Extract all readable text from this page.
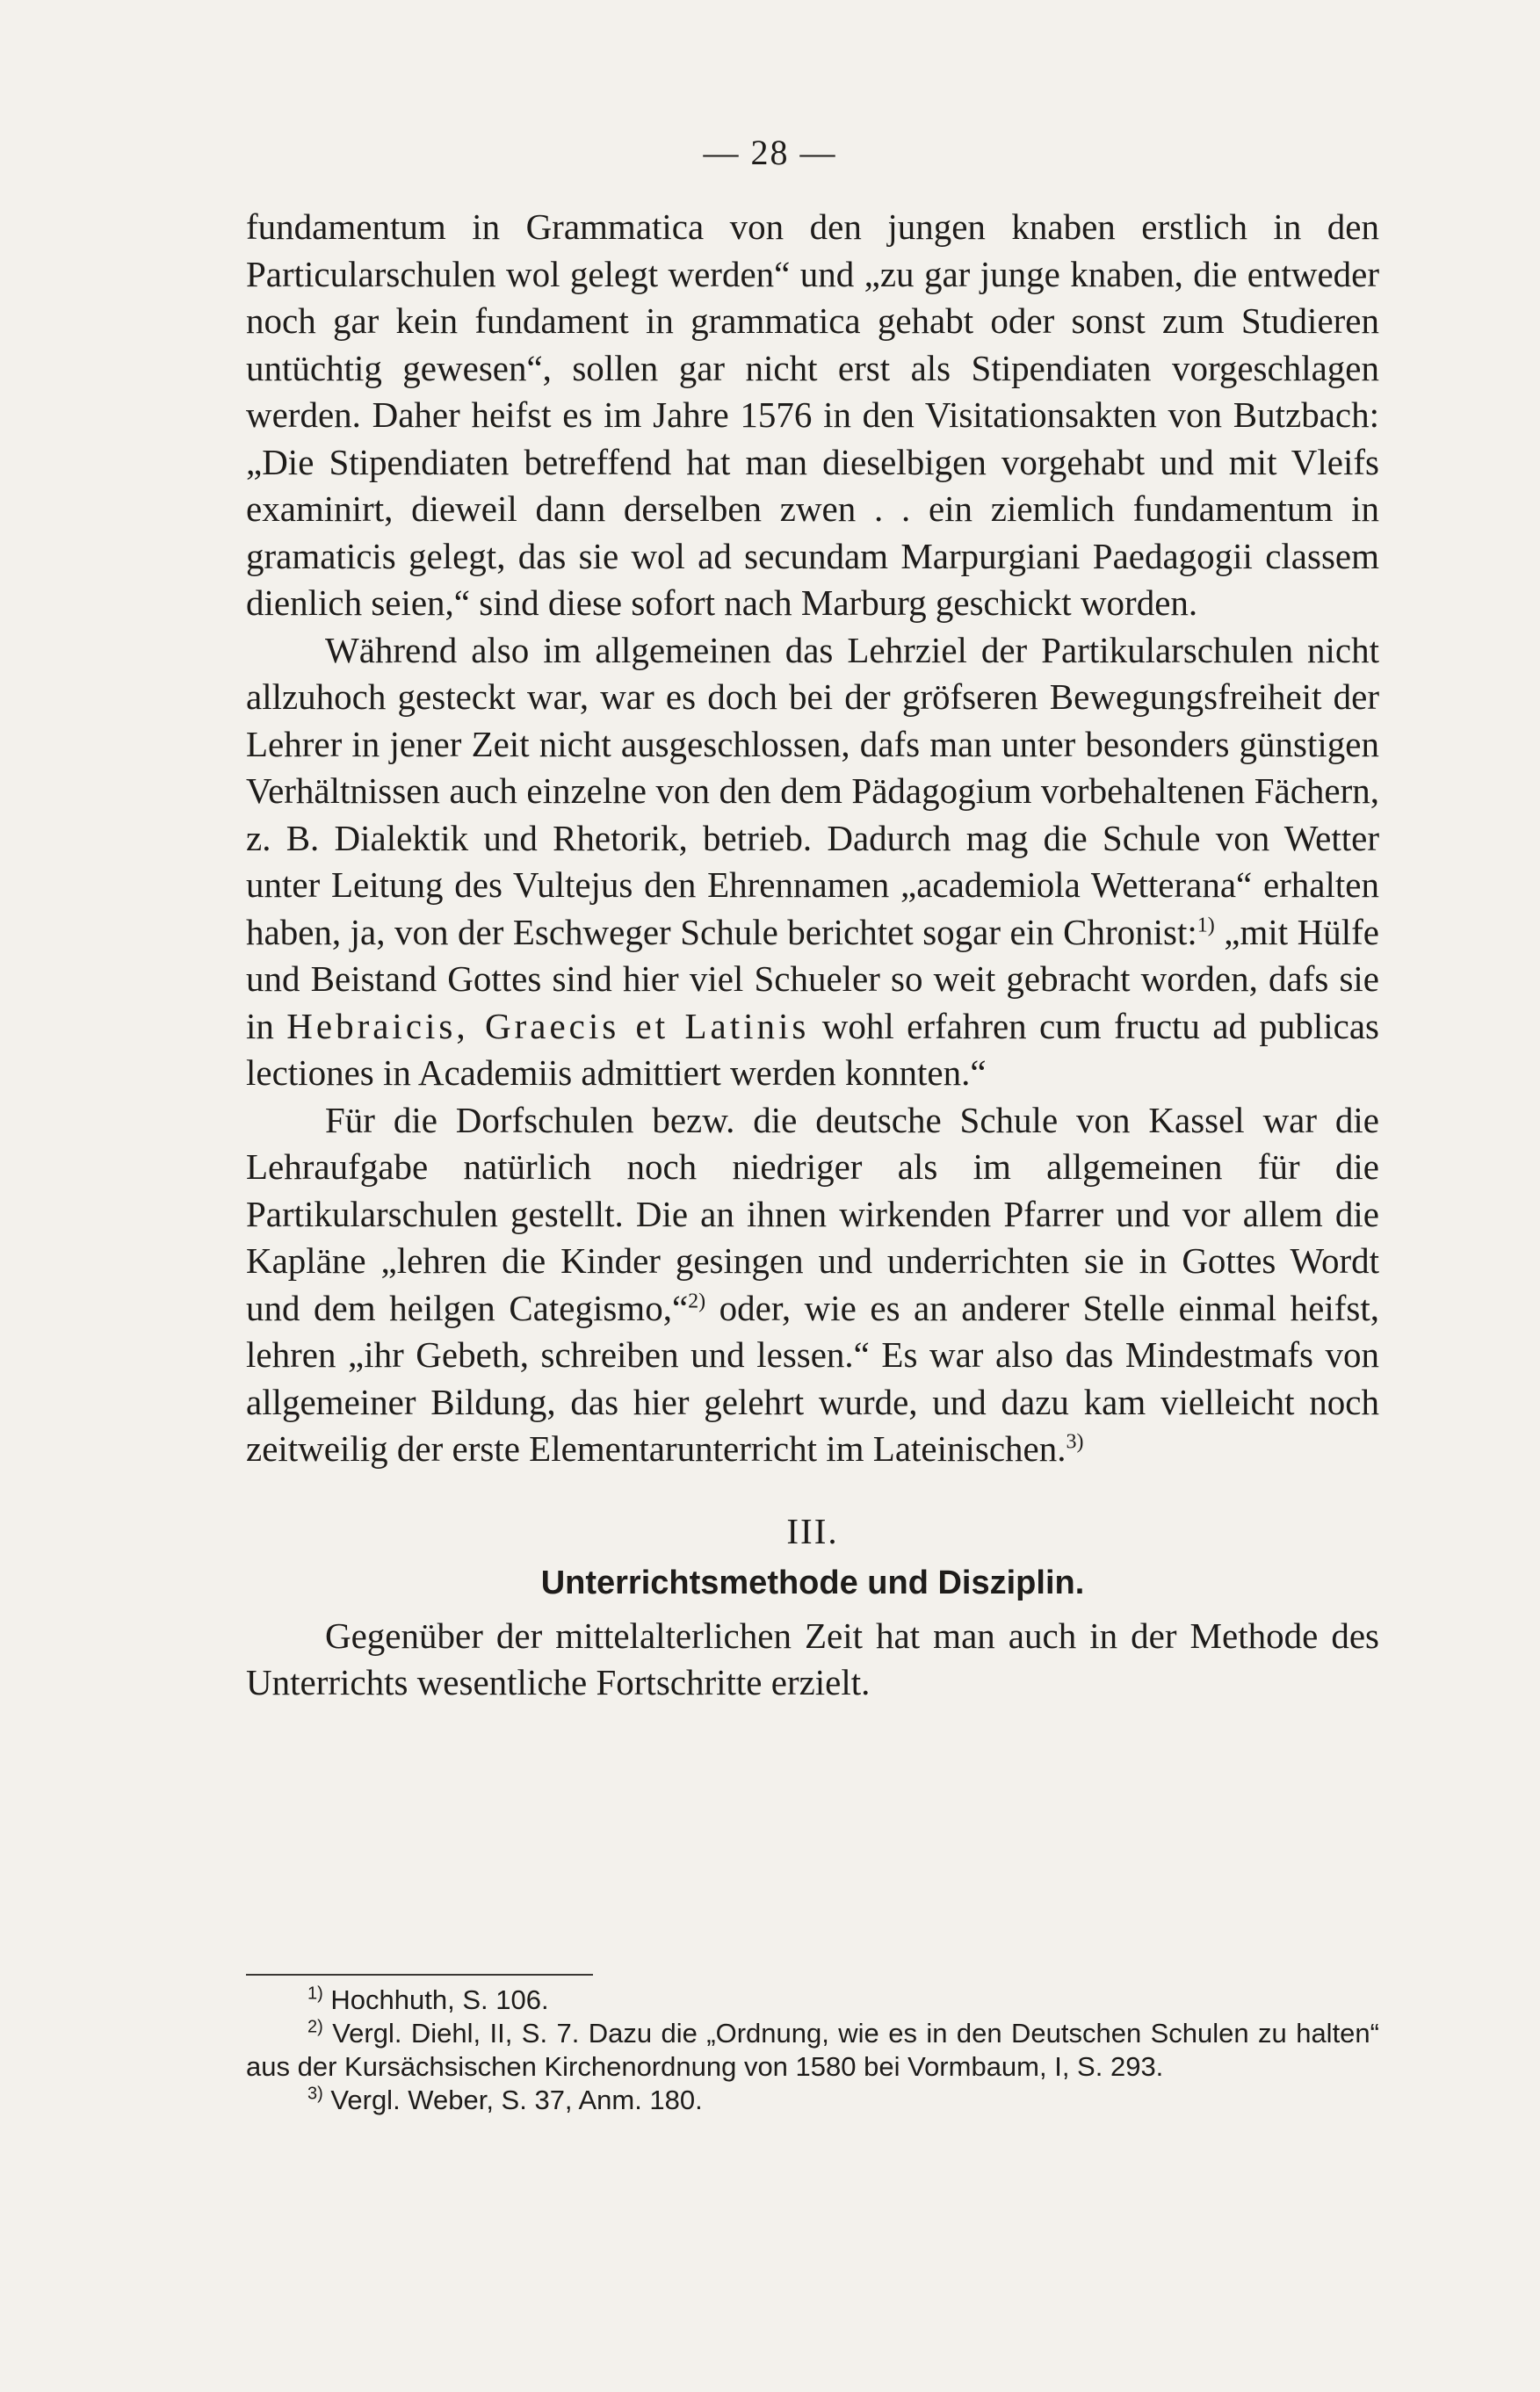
— 28 —

fundamentum in Grammatica von den jungen knaben erstlich in den Particularschulen wol gelegt werden“ und „zu gar junge knaben, die entweder noch gar kein fundament in grammatica gehabt oder sonst zum Studieren untüchtig gewesen“, sollen gar nicht erst als Stipendiaten vorgeschlagen werden. Daher heifst es im Jahre 1576 in den Visitationsakten von Butzbach: „Die Stipendiaten betreffend hat man dieselbigen vorgehabt und mit Vleifs examinirt, dieweil dann derselben zwen . . ein ziemlich fundamentum in gramaticis gelegt, das sie wol ad secundam Marpurgiani Paedagogii classem dienlich seien,“ sind diese sofort nach Marburg geschickt worden.

Während also im allgemeinen das Lehrziel der Partikularschulen nicht allzuhoch gesteckt war, war es doch bei der gröfseren Bewegungsfreiheit der Lehrer in jener Zeit nicht ausgeschlossen, dafs man unter besonders günstigen Verhältnissen auch einzelne von den dem Pädagogium vorbehaltenen Fächern, z. B. Dialektik und Rhetorik, betrieb. Dadurch mag die Schule von Wetter unter Leitung des Vultejus den Ehrennamen „academiola Wetterana“ erhalten haben, ja, von der Eschweger Schule berichtet sogar ein Chronist:$^{1)}$ „mit Hülfe und Beistand Gottes sind hier viel Schueler so weit gebracht worden, dafs sie in Hebraicis, Graecis et Latinis wohl erfahren cum fructu ad publicas lectiones in Academiis admittiert werden konnten.“

Für die Dorfschulen bezw. die deutsche Schule von Kassel war die Lehraufgabe natürlich noch niedriger als im allgemeinen für die Partikularschulen gestellt. Die an ihnen wirkenden Pfarrer und vor allem die Kapläne „lehren die Kinder gesingen und underrichten sie in Gottes Wordt und dem heilgen Categismo,“$^{2)}$ oder, wie es an anderer Stelle einmal heifst, lehren „ihr Gebeth, schreiben und lessen.“ Es war also das Mindestmafs von allgemeiner Bildung, das hier gelehrt wurde, und dazu kam vielleicht noch zeitweilig der erste Elementarunterricht im Lateinischen.$^{3)}$

III.
Unterrichtsmethode und Disziplin.

Gegenüber der mittelalterlichen Zeit hat man auch in der Methode des Unterrichts wesentliche Fortschritte erzielt.

$^{1)}$ Hochhuth, S. 106.

$^{2)}$ Vergl. Diehl, II, S. 7. Dazu die „Ordnung, wie es in den Deutschen Schulen zu halten“ aus der Kursächsischen Kirchenordnung von 1580 bei Vormbaum, I, S. 293.

$^{3)}$ Vergl. Weber, S. 37, Anm. 180.
